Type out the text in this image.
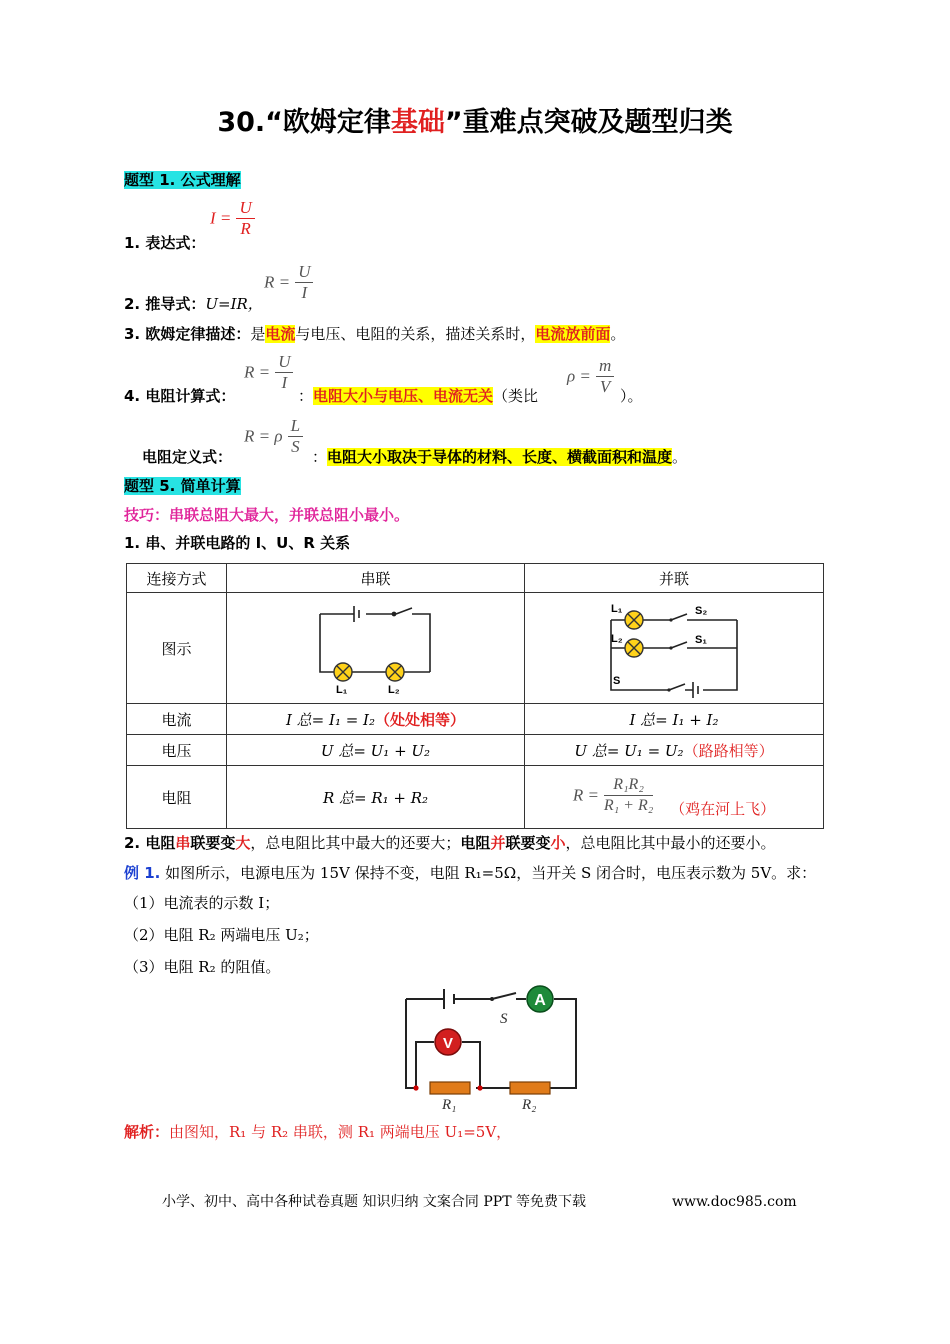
30.“欧姆定律基础”重难点突破及题型归类
题型 1. 公式理解
$I = \frac{U}{R}$
1. 表达式：
$R = \frac{U}{I}$
2. 推导式：U=IR，
3. 欧姆定律描述：是电流与电压、电阻的关系，描述关系时，电流放前面。
$R = \frac{U}{I}$	$\rho = \frac{m}{V}$
4. 电阻计算式：	：电阻大小与电压、电流无关（类比	）。
R = ρ $\frac{L}{S}$
电阻定义式：	：电阻大小取决于导体的材料、长度、横截面积和温度。
题型 5. 简单计算
技巧：串联总阻大最大，并联总阻小最小。
1. 串、并联电路的 I、U、R 关系
连接方式	串联	并联
图示	L₁ L₂	L₁
L₂
S₂
S₁
S

电流	I 总= I₁ = I₂（处处相等）	I 总= I₁ + I₂
电压	U 总= U₁ + U₂	U 总= U₁ = U₂（路路相等）
电阻	R 总= R₁ + R₂	$R = \frac{\text{R₁R₂}}{\text{R₁ + R₂}}$ （鸡在河上飞）
2. 电阻串联要变大，总电阻比其中最大的还要大；电阻并联要变小，总电阻比其中最小的还要小。
例 1. 如图所示，电源电压为 15V 保持不变，电阻 R₁=5Ω，当开关 S 闭合时，电压表示数为 5V。求：
（1）电流表的示数 I；
（2）电阻 R₂ 两端电压 U₂；
（3）电阻 R₂ 的阻值。
A
V
S
R₁	R₂
解析：由图知，R₁ 与 R₂ 串联，测 R₁ 两端电压 U₁=5V，
小学、初中、高中各种试卷真题 知识归纳 文案合同 PPT 等免费下载	www.doc985.com
